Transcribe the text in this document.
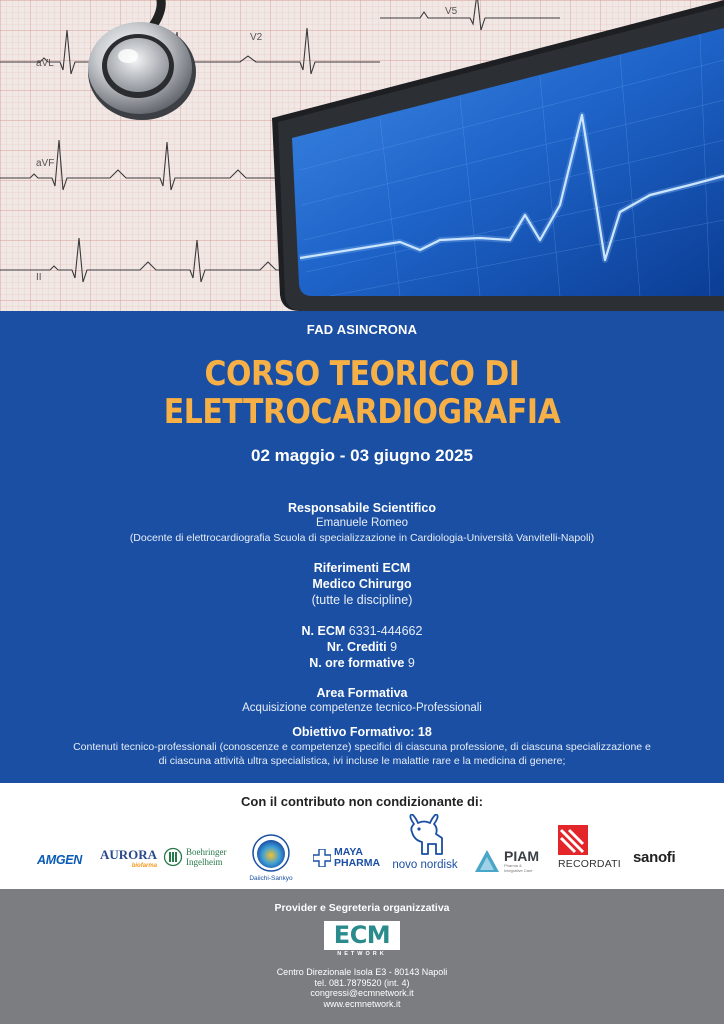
aVL
V2
V5
aVF
II
FAD ASINCRONA
CORSO TEORICO DI
ELETTROCARDIOGRAFIA
02 maggio - 03 giugno 2025
Responsabile Scientifico
Emanuele Romeo
(Docente di elettrocardiografia Scuola di specializzazione in Cardiologia-Università Vanvitelli-Napoli)
Riferimenti ECM
Medico Chirurgo
(tutte le discipline)
N. ECM 6331-444662
Nr. Crediti 9
N. ore formative 9
Area Formativa
Acquisizione competenze tecnico-Professionali
Obiettivo Formativo: 18
Contenuti tecnico-professionali (conoscenze e competenze) specifici di ciascuna professione, di ciascuna specializzazione e
di ciascuna attività ultra specialistica, ivi incluse le malattie rare e la medicina di genere;
Con il contributo non condizionante di:
AMGEN AURORA
biofarma
Boehringer
Ingelheim
Daiichi-Sankyo
MAYA
PHARMA	novo nordisk
PIAM
Pharma &
Integrative Care	RECORDATI sanofi
Provider e Segreteria organizzativa
ECM
NETWORK
Centro Direzionale Isola E3 - 80143 Napoli
tel. 081.7879520 (int. 4)
congressi@ecmnetwork.it
www.ecmnetwork.it
